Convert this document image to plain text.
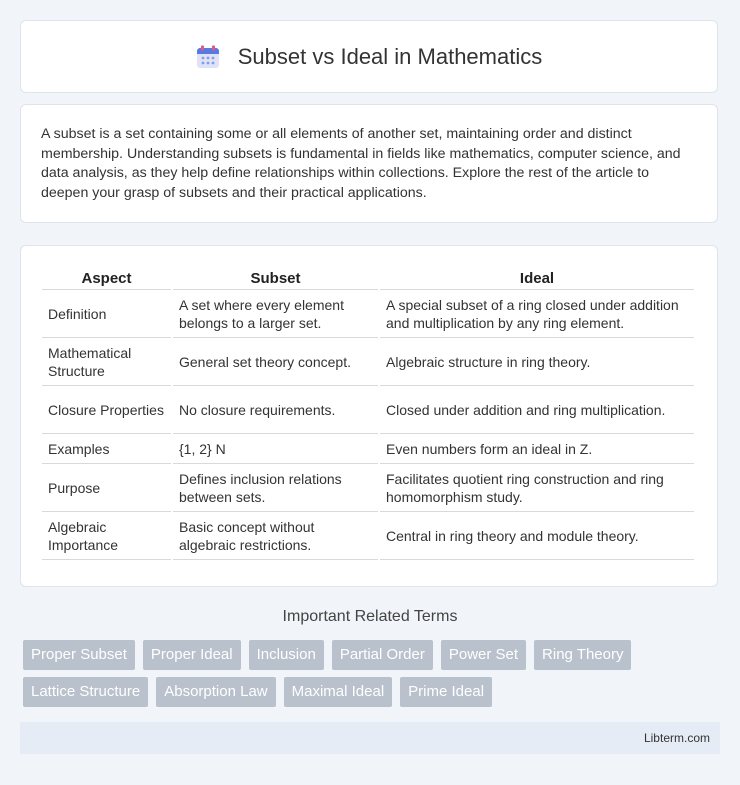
Subset vs Ideal in Mathematics

A subset is a set containing some or all elements of another set, maintaining order and distinct membership. Understanding subsets is fundamental in fields like mathematics, computer science, and data analysis, as they help define relationships within collections. Explore the rest of the article to deepen your grasp of subsets and their practical applications.

Aspect	Subset	Ideal
Definition	A set where every element belongs to a larger set.	A special subset of a ring closed under addition and multiplication by any ring element.
Mathematical Structure	General set theory concept.	Algebraic structure in ring theory.
Closure Properties	No closure requirements.	Closed under addition and ring multiplication.
Examples	{1, 2} N	Even numbers form an ideal in Z.
Purpose	Defines inclusion relations between sets.	Facilitates quotient ring construction and ring homomorphism study.
Algebraic Importance	Basic concept without algebraic restrictions.	Central in ring theory and module theory.
Important Related Terms
Proper Subset	Proper Ideal	Inclusion	Partial Order	Power Set	Ring Theory
Lattice Structure	Absorption Law	Maximal Ideal	Prime Ideal
Libterm.com
